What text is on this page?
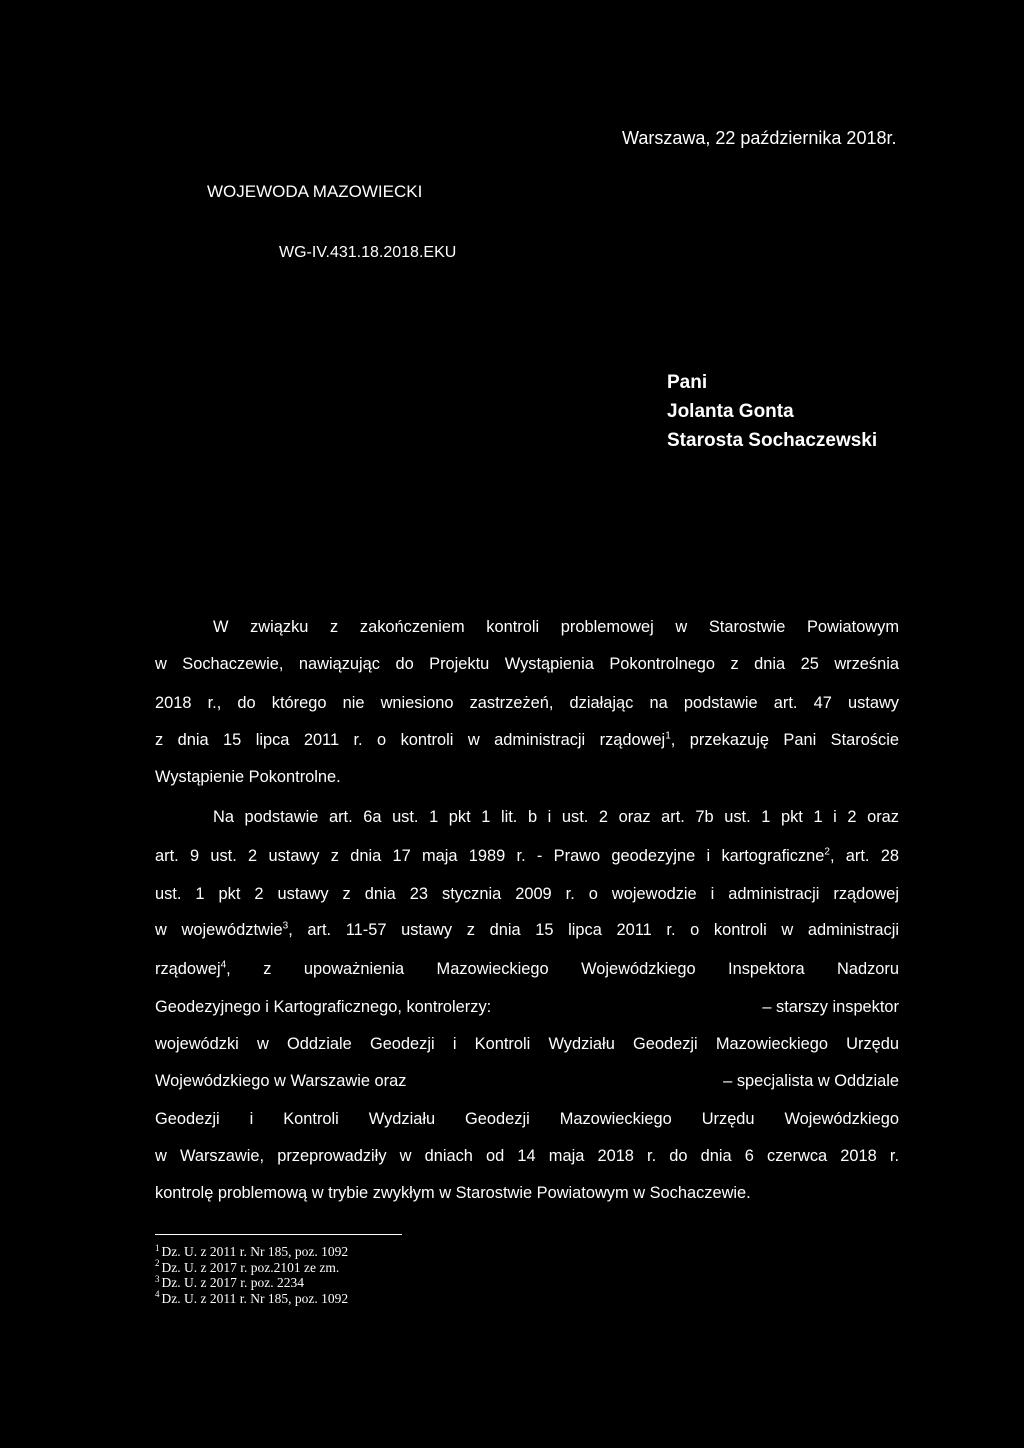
Warszawa, 22 października 2018r.
WOJEWODA MAZOWIECKI
WG-IV.431.18.2018.EKU
Pani
Jolanta Gonta
Starosta Sochaczewski
W związku z zakończeniem kontroli problemowej w Starostwie Powiatowym
w Sochaczewie, nawiązując do Projektu Wystąpienia Pokontrolnego z dnia 25 września
2018 r., do którego nie wniesiono zastrzeżeń, działając na podstawie art. 47 ustawy
z dnia 15 lipca 2011 r. o kontroli w administracji rządowej$^1$, przekazuję Pani Staroście
Wystąpienie Pokontrolne.
Na podstawie art. 6a ust. 1 pkt 1 lit. b i ust. 2 oraz art. 7b ust. 1 pkt 1 i 2 oraz
art. 9 ust. 2 ustawy z dnia 17 maja 1989 r. - Prawo geodezyjne i kartograficzne$^2$, art. 28
ust. 1 pkt 2 ustawy z dnia 23 stycznia 2009 r. o wojewodzie i administracji rządowej
w województwie$^3$, art. 11-57 ustawy z dnia 15 lipca 2011 r. o kontroli w administracji
rządowej$^4$, z upoważnienia Mazowieckiego Wojewódzkiego Inspektora Nadzoru
Geodezyjnego i Kartograficznego, kontrolerzy:	– starszy inspektor
wojewódzki w Oddziale Geodezji i Kontroli Wydziału Geodezji Mazowieckiego Urzędu
Wojewódzkiego w Warszawie oraz	– specjalista w Oddziale
Geodezji i Kontroli Wydziału Geodezji Mazowieckiego Urzędu Wojewódzkiego
w Warszawie, przeprowadziły w dniach od 14 maja 2018 r. do dnia 6 czerwca 2018 r.
kontrolę problemową w trybie zwykłym w Starostwie Powiatowym w Sochaczewie.
$^1$ Dz. U. z 2011 r. Nr 185, poz. 1092
$^2$ Dz. U. z 2017 r. poz.2101 ze zm.
$^3$ Dz. U. z 2017 r. poz. 2234
$^4$ Dz. U. z 2011 r. Nr 185, poz. 1092
